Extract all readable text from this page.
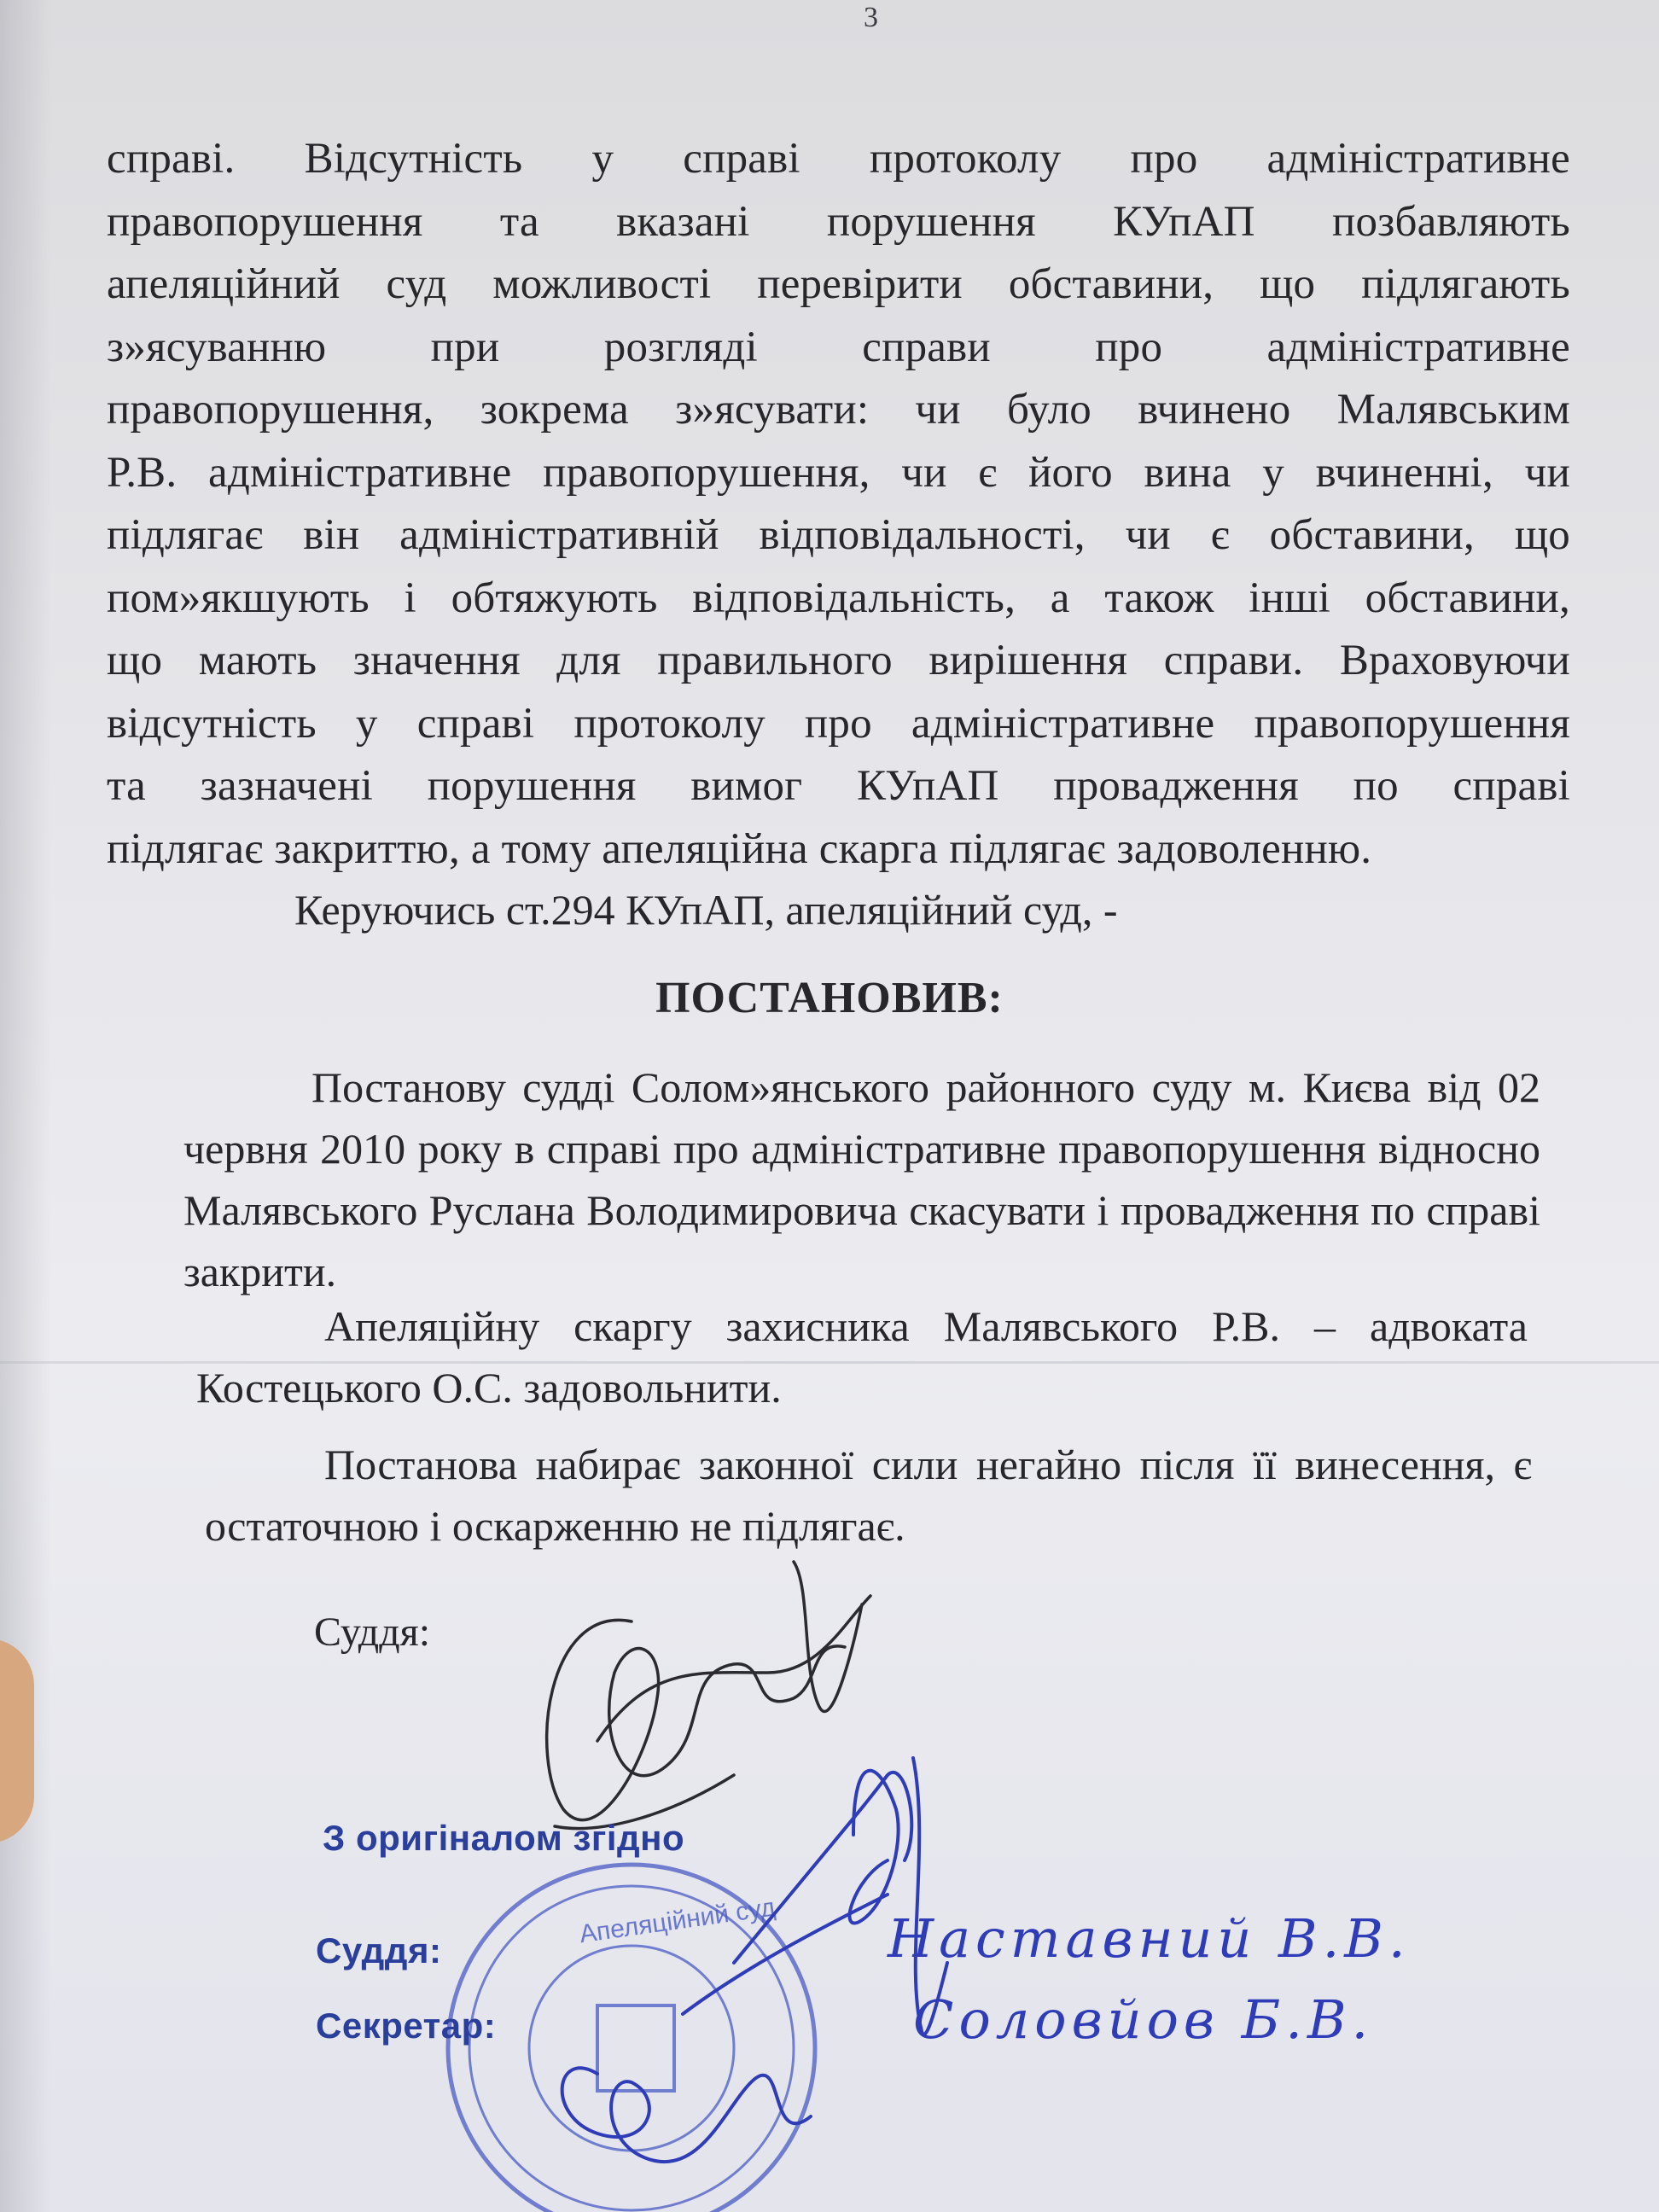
3
справі. Відсутність у справі протоколу про адміністративне
правопорушення та вказані порушення КУпАП позбавляють
апеляційний суд можливості перевірити обставини, що підлягають
з»ясуванню при розгляді справи про адміністративне
правопорушення, зокрема з»ясувати: чи було вчинено Малявським
Р.В. адміністративне правопорушення, чи є його вина у вчиненні, чи
підлягає він адміністративній відповідальності, чи є обставини, що
пом»якшують і обтяжують відповідальність, а також інші обставини,
що мають значення для правильного вирішення справи. Враховуючи
відсутність у справі протоколу про адміністративне правопорушення
та зазначені порушення вимог КУпАП провадження по справі
підлягає закриттю, а тому апеляційна скарга підлягає задоволенню.

Керуючись ст.294 КУпАП, апеляційний суд, -

ПОСТАНОВИВ:

Постанову судді Солом»янського районного суду м. Києва від 02 червня 2010 року в справі про адміністративне правопорушення відносно Малявського Руслана Володимировича скасувати і провадження по справі закрити.

Апеляційну скаргу захисника Малявського Р.В. – адвоката Костецького О.С. задовольнити.

Постанова набирає законної сили негайно після її винесення, є остаточною і оскарженню не підлягає.

Суддя:
Апеляційний суд
З оригіналом згідно
Суддя:
Секретар:
Наставний В.В.
Соловйов Б.В.
